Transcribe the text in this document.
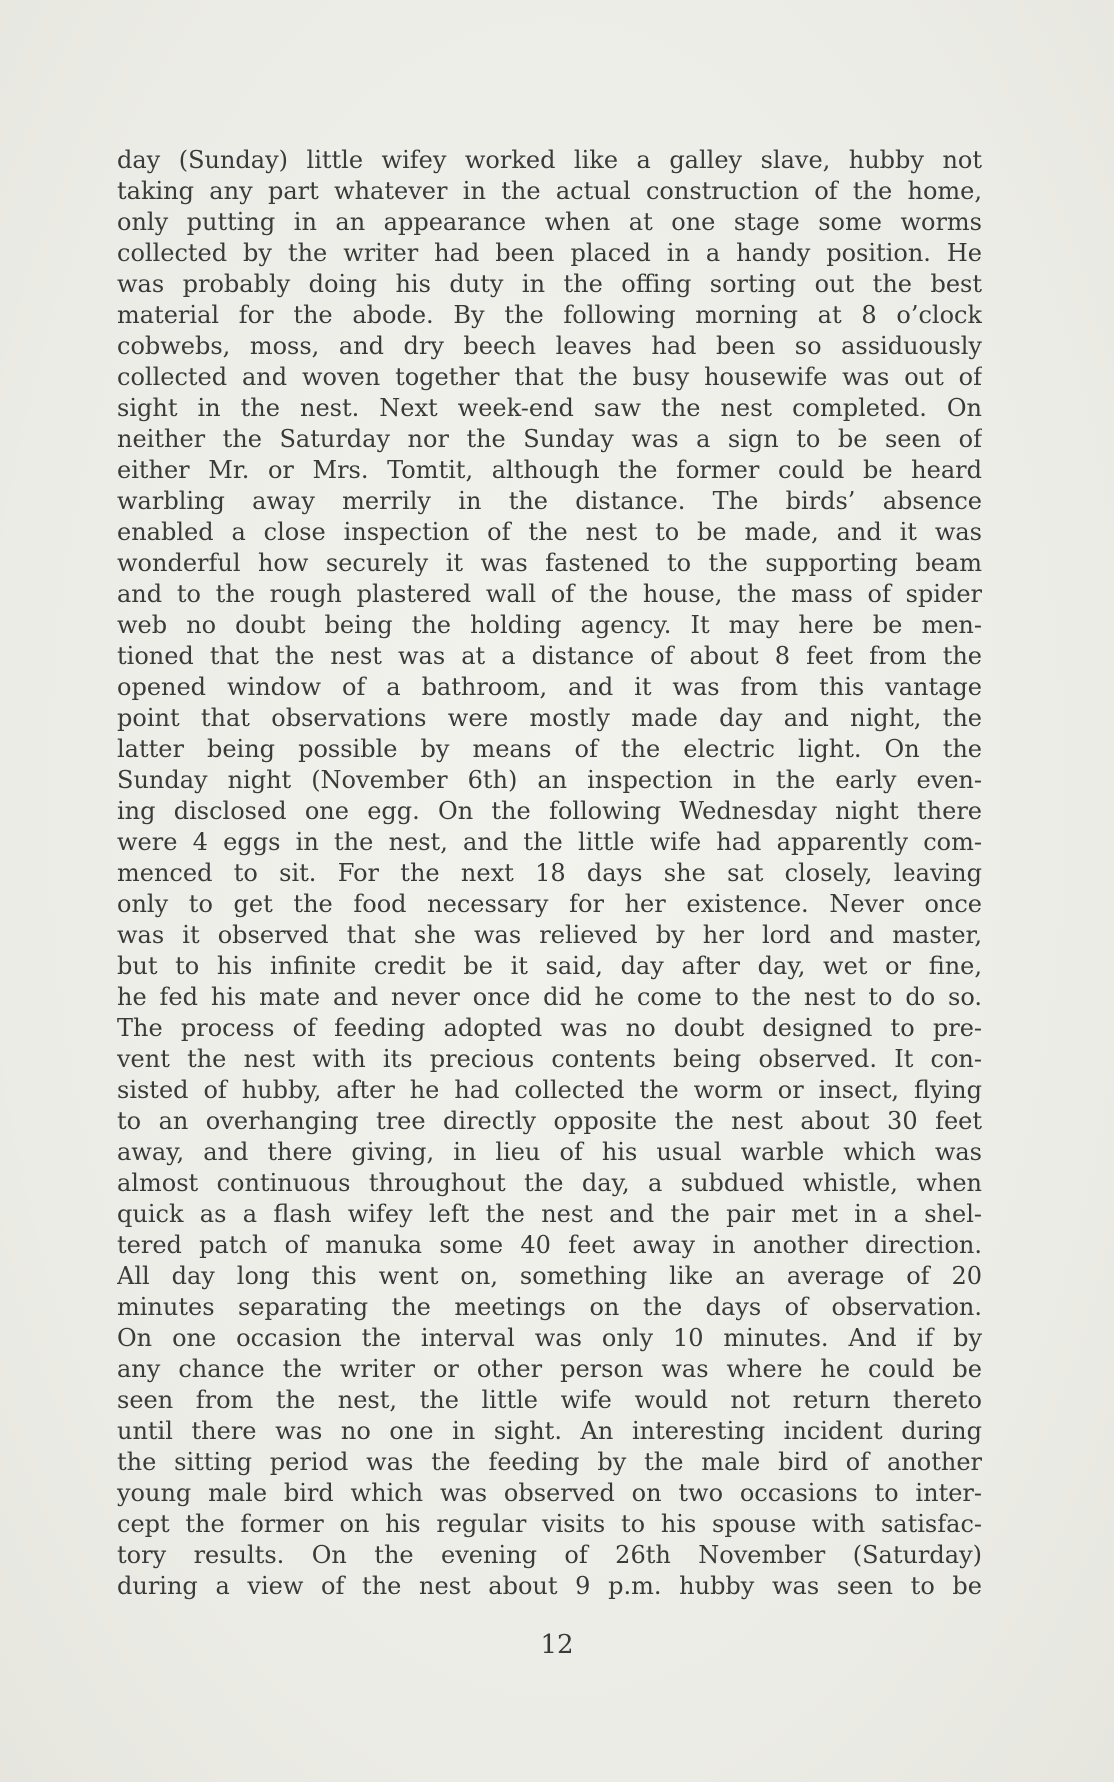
day (Sunday) little wifey worked like a galley slave, hubby not
taking any part whatever in the actual construction of the home,
only putting in an appearance when at one stage some worms
collected by the writer had been placed in a handy position. He
was probably doing his duty in the offing sorting out the best
material for the abode. By the following morning at 8 o’clock
cobwebs, moss, and dry beech leaves had been so assiduously
collected and woven together that the busy housewife was out of
sight in the nest. Next week-end saw the nest completed. On
neither the Saturday nor the Sunday was a sign to be seen of
either Mr. or Mrs. Tomtit, although the former could be heard
warbling away merrily in the distance. The birds’ absence
enabled a close inspection of the nest to be made, and it was
wonderful how securely it was fastened to the supporting beam
and to the rough plastered wall of the house, the mass of spider
web no doubt being the holding agency. It may here be men-
tioned that the nest was at a distance of about 8 feet from the
opened window of a bathroom, and it was from this vantage
point that observations were mostly made day and night, the
latter being possible by means of the electric light. On the
Sunday night (November 6th) an inspection in the early even-
ing disclosed one egg. On the following Wednesday night there
were 4 eggs in the nest, and the little wife had apparently com-
menced to sit. For the next 18 days she sat closely, leaving
only to get the food necessary for her existence. Never once
was it observed that she was relieved by her lord and master,
but to his infinite credit be it said, day after day, wet or fine,
he fed his mate and never once did he come to the nest to do so.
The process of feeding adopted was no doubt designed to pre-
vent the nest with its precious contents being observed. It con-
sisted of hubby, after he had collected the worm or insect, flying
to an overhanging tree directly opposite the nest about 30 feet
away, and there giving, in lieu of his usual warble which was
almost continuous throughout the day, a subdued whistle, when
quick as a flash wifey left the nest and the pair met in a shel-
tered patch of manuka some 40 feet away in another direction.
All day long this went on, something like an average of 20
minutes separating the meetings on the days of observation.
On one occasion the interval was only 10 minutes. And if by
any chance the writer or other person was where he could be
seen from the nest, the little wife would not return thereto
until there was no one in sight. An interesting incident during
the sitting period was the feeding by the male bird of another
young male bird which was observed on two occasions to inter-
cept the former on his regular visits to his spouse with satisfac-
tory results. On the evening of 26th November (Saturday)
during a view of the nest about 9 p.m. hubby was seen to be
12
